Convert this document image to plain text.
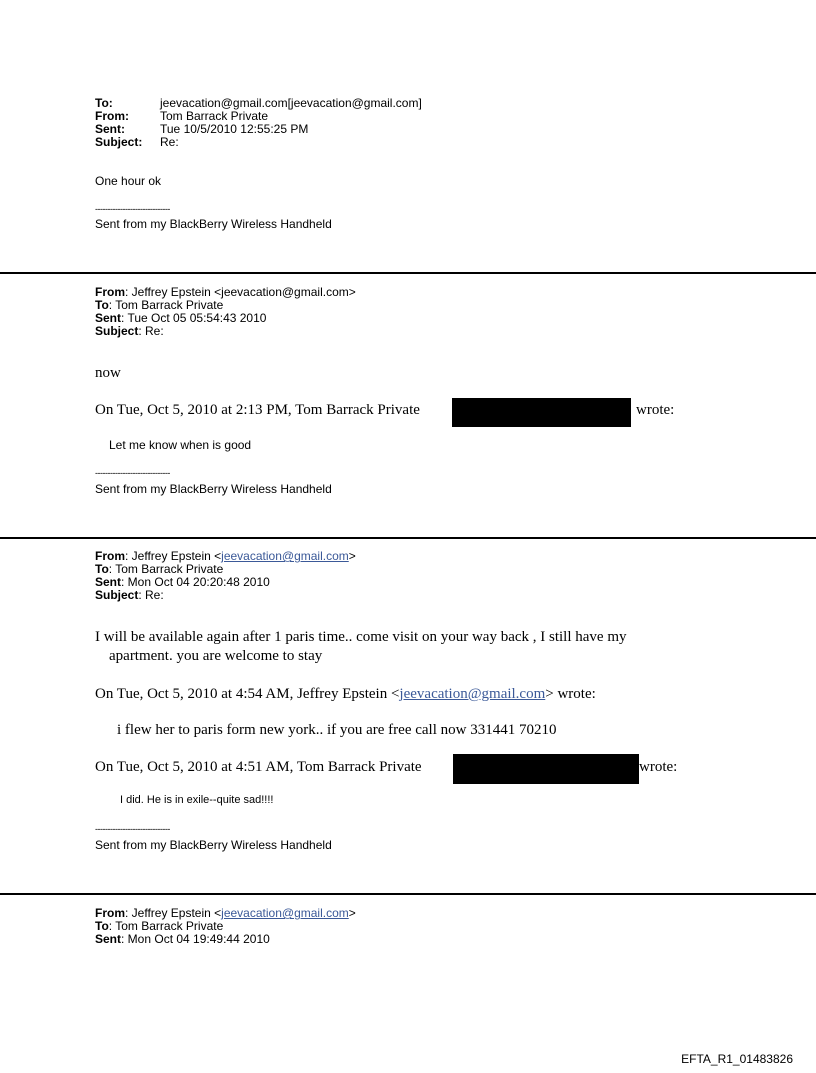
To:	jeevacation@gmail.com[jeevacation@gmail.com]
From:	Tom Barrack Private
Sent:	Tue 10/5/2010 12:55:25 PM
Subject: Re:
One hour ok
------------------------------
Sent from my BlackBerry Wireless Handheld
From: Jeffrey Epstein <jeevacation@gmail.com>
To: Tom Barrack Private
Sent: Tue Oct 05 05:54:43 2010
Subject: Re:
now
On Tue, Oct 5, 2010 at 2:13 PM, Tom Barrack Private	wrote:
Let me know when is good
------------------------------
Sent from my BlackBerry Wireless Handheld
From: Jeffrey Epstein <jeevacation@gmail.com>
To: Tom Barrack Private
Sent: Mon Oct 04 20:20:48 2010
Subject: Re:
I will be available again after 1 paris time.. come visit on your way back , I still have my
apartment. you are welcome to stay
On Tue, Oct 5, 2010 at 4:54 AM, Jeffrey Epstein <jeevacation@gmail.com> wrote:
i flew her to paris form new york.. if you are free call now 331441 70210
On Tue, Oct 5, 2010 at 4:51 AM, Tom Barrack Private	wrote:
I did. He is in exile--quite sad!!!!
------------------------------
Sent from my BlackBerry Wireless Handheld
From: Jeffrey Epstein <jeevacation@gmail.com>
To: Tom Barrack Private
Sent: Mon Oct 04 19:49:44 2010
EFTA_R1_01483826
